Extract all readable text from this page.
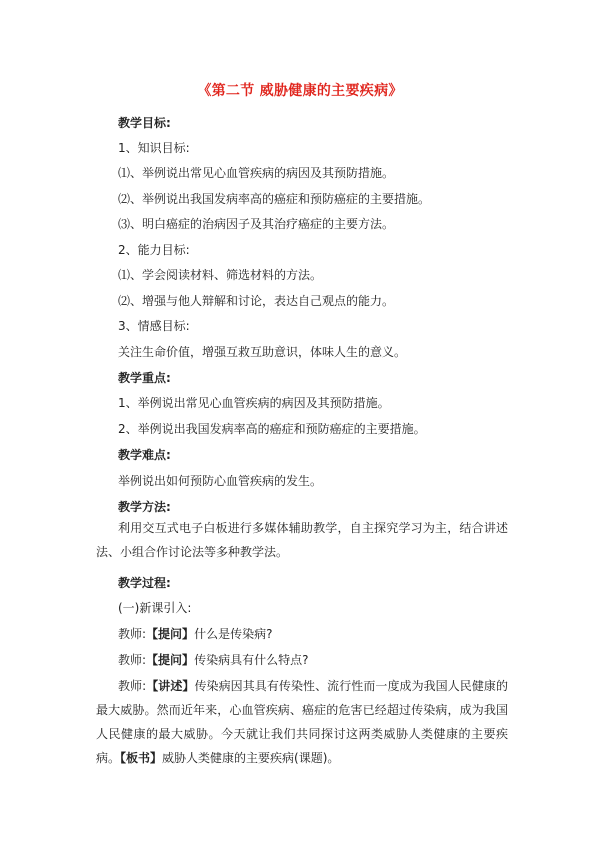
《第二节 威胁健康的主要疾病》
教学目标:
1、知识目标:
⑴、举例说出常见心血管疾病的病因及其预防措施。
⑵、举例说出我国发病率高的癌症和预防癌症的主要措施。
⑶、明白癌症的治病因子及其治疗癌症的主要方法。
2、能力目标:
⑴、学会阅读材料、筛选材料的方法。
⑵、增强与他人辩解和讨论，表达自己观点的能力。
3、情感目标:
关注生命价值，增强互救互助意识，体味人生的意义。
教学重点:
1、举例说出常见心血管疾病的病因及其预防措施。
2、举例说出我国发病率高的癌症和预防癌症的主要措施。
教学难点:
举例说出如何预防心血管疾病的发生。
教学方法:
利用交互式电子白板进行多媒体辅助教学，自主探究学习为主，结合讲述法、小组合作讨论法等多种教学法。
教学过程:
(一)新课引入:
教师:【提问】什么是传染病?
教师:【提问】传染病具有什么特点?
教师:【讲述】传染病因其具有传染性、流行性而一度成为我国人民健康的最大威胁。然而近年来，心血管疾病、癌症的危害已经超过传染病，成为我国人民健康的最大威胁。今天就让我们共同探讨这两类威胁人类健康的主要疾病。【板书】威胁人类健康的主要疾病(课题)。
